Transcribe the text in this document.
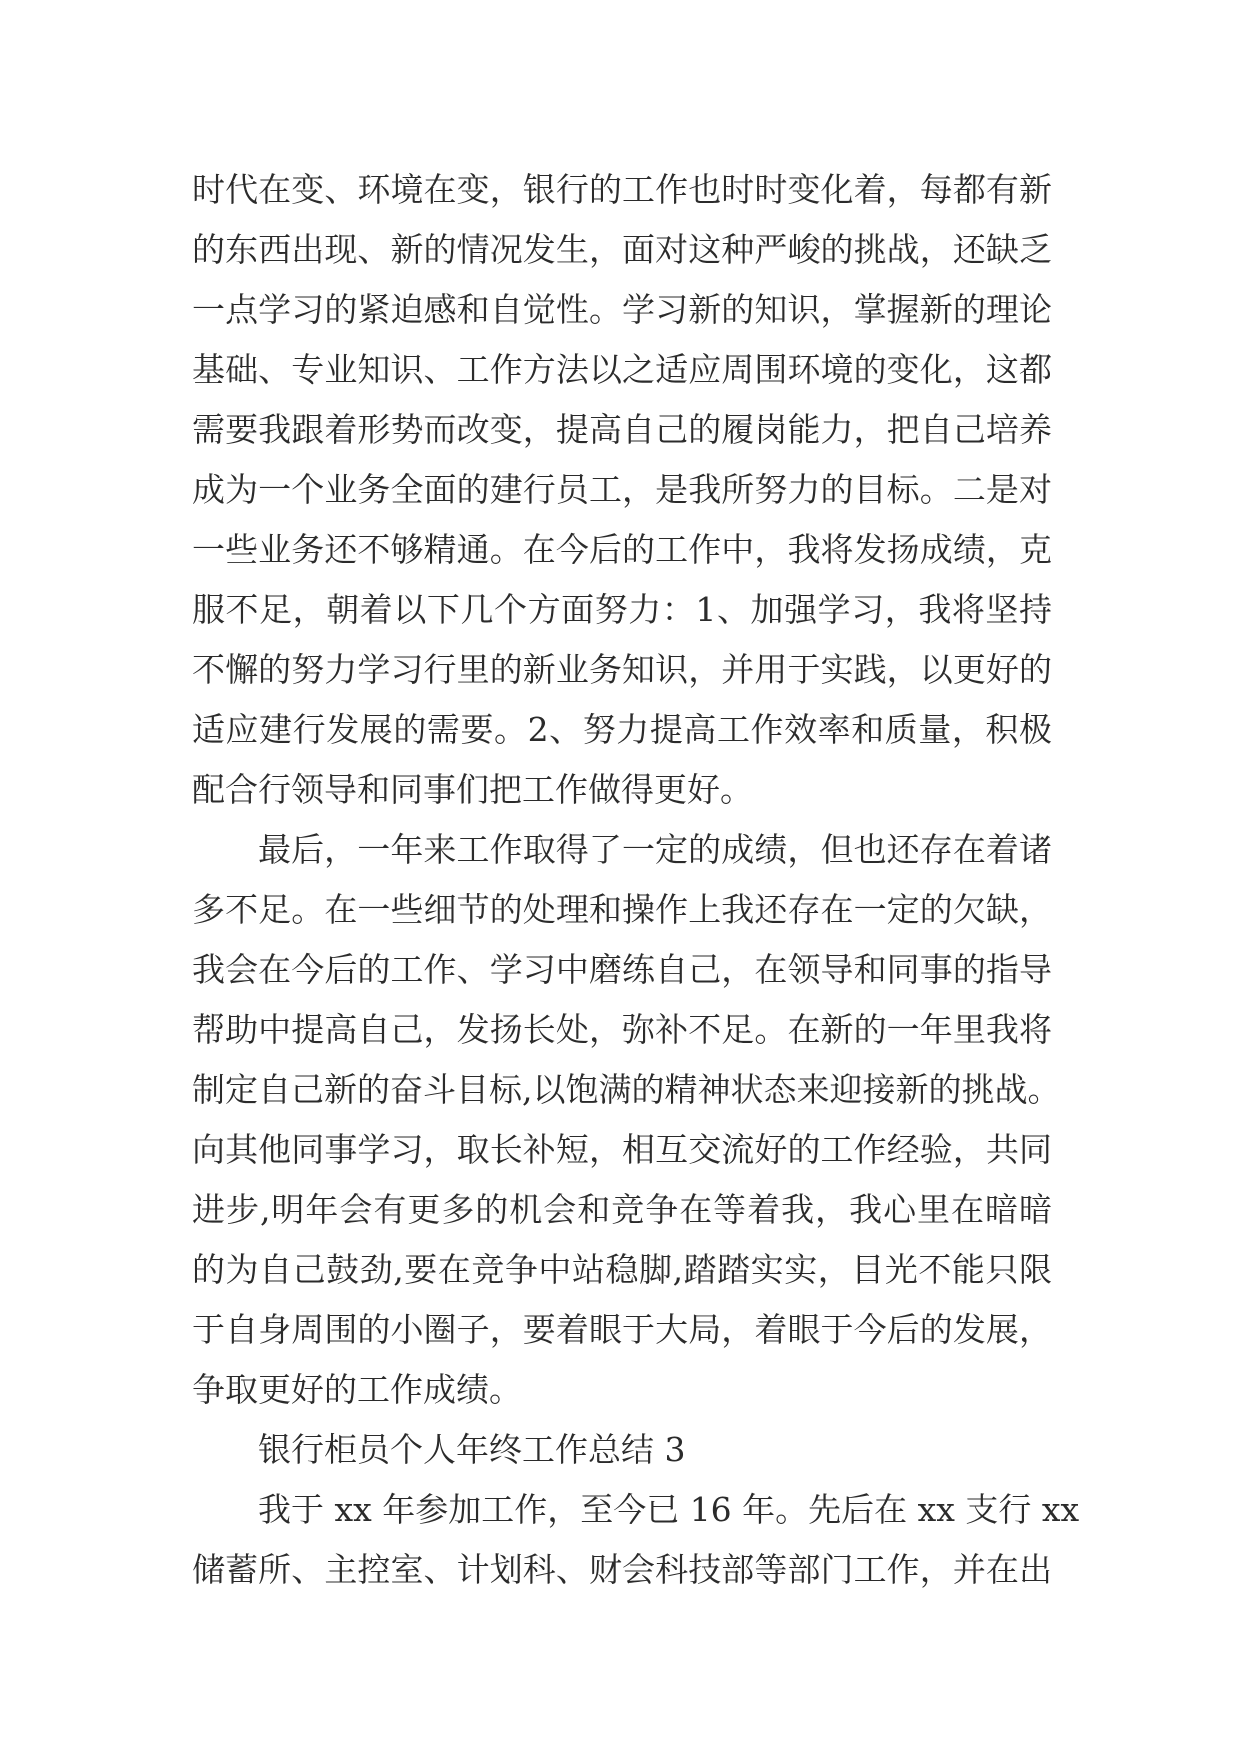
时代在变、环境在变，银行的工作也时时变化着，每都有新
的东西出现、新的情况发生，面对这种严峻的挑战，还缺乏
一点学习的紧迫感和自觉性。学习新的知识，掌握新的理论
基础、专业知识、工作方法以之适应周围环境的变化，这都
需要我跟着形势而改变，提高自己的履岗能力，把自己培养
成为一个业务全面的建行员工，是我所努力的目标。二是对
一些业务还不够精通。在今后的工作中，我将发扬成绩，克
服不足，朝着以下几个方面努力：1、加强学习，我将坚持
不懈的努力学习行里的新业务知识，并用于实践，以更好的
适应建行发展的需要。2、努力提高工作效率和质量，积极
配合行领导和同事们把工作做得更好。
最后，一年来工作取得了一定的成绩，但也还存在着诸
多不足。在一些细节的处理和操作上我还存在一定的欠缺，
我会在今后的工作、学习中磨练自己，在领导和同事的指导
帮助中提高自己，发扬长处，弥补不足。在新的一年里我将
制定自己新的奋斗目标,以饱满的精神状态来迎接新的挑战。
向其他同事学习，取长补短，相互交流好的工作经验，共同
进步,明年会有更多的机会和竞争在等着我，我心里在暗暗
的为自己鼓劲,要在竞争中站稳脚,踏踏实实，目光不能只限
于自身周围的小圈子，要着眼于大局，着眼于今后的发展，
争取更好的工作成绩。
银行柜员个人年终工作总结 3
我于 xx 年参加工作，至今已 16 年。先后在 xx 支行 xx
储蓄所、主控室、计划科、财会科技部等部门工作，并在出
